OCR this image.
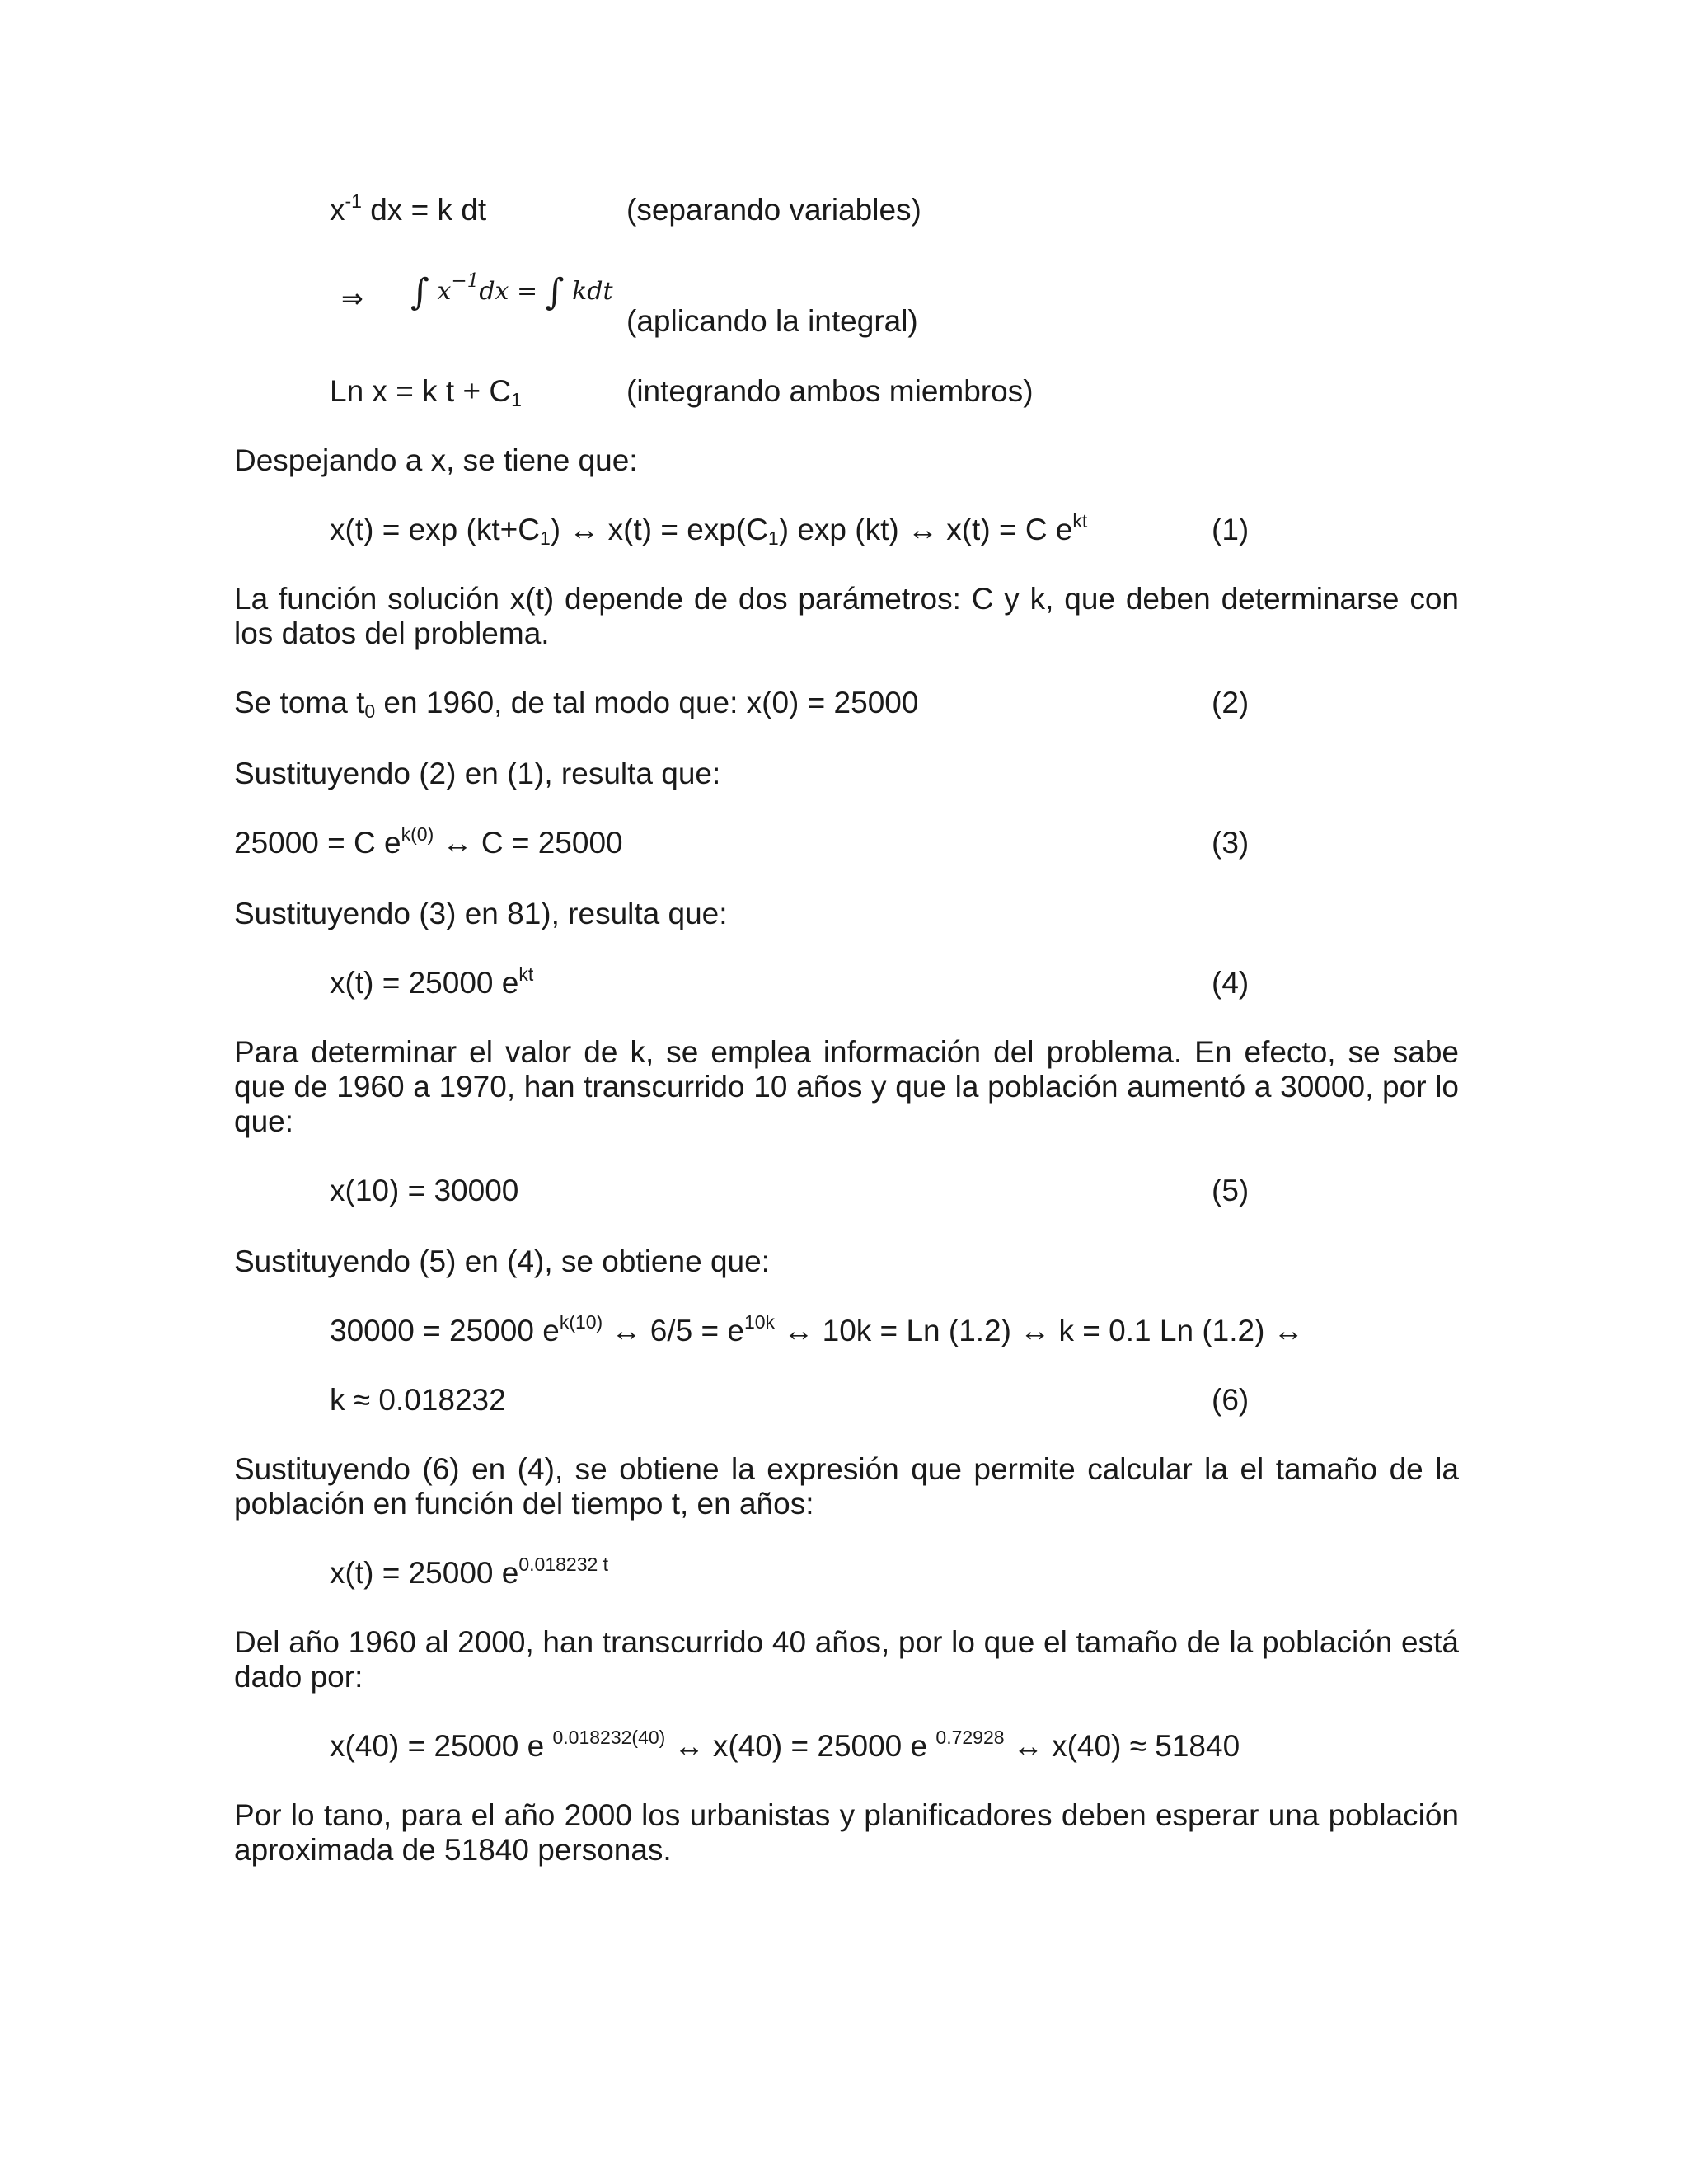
$x^{-1}$ dx = k dt	(separando variables)
⇒ ∫ $x^{-1}dx$ = ∫ kdt
(aplicando la integral)
Ln x = k $t + C_1$	(integrando ambos miembros)
Despejando a x, se tiene que:
$x(t) = \exp (kt+C_1)$ ↔ $x(t) = \exp(C_1)$ exp (kt) ↔ x(t) = C $e^{kt}$	(1)
La función solución x(t) depende de dos parámetros: C y k, que deben determinarse con los datos del problema.
Se toma $t_0$ en 1960, de tal modo que: x(0) = 25000	(2)
Sustituyendo (2) en (1), resulta que:
25000 = C $e^{k(0)}$ ↔ C = 25000	(3)
Sustituyendo (3) en 81), resulta que:
x(t) = 25000 $e^{kt}$	(4)
Para determinar el valor de k, se emplea información del problema. En efecto, se sabe que de 1960 a 1970, han transcurrido 10 años y que la población aumentó a 30000, por lo que:
x(10) = 30000	(5)
Sustituyendo (5) en (4), se obtiene que:
30000 = 25000 $e^{k(10)}$ ↔ $6/5 = e^{10k}$ ↔ 10k = Ln (1.2) ↔ k = 0.1 Ln (1.2) ↔
k ≈ 0.018232	(6)
Sustituyendo (6) en (4), se obtiene la expresión que permite calcular la el tamaño de la población en función del tiempo t, en años:
x(t) = 25000 $e^{0.018232 t}$
Del año 1960 al 2000, han transcurrido 40 años, por lo que el tamaño de la población está dado por:
x(40) = 25000 e $^{0.018232(40)}$ ↔ x(40) = 25000 e $^{0.72928}$ ↔ x(40) ≈ 51840
Por lo tano, para el año 2000 los urbanistas y planificadores deben esperar una población aproximada de 51840 personas.
